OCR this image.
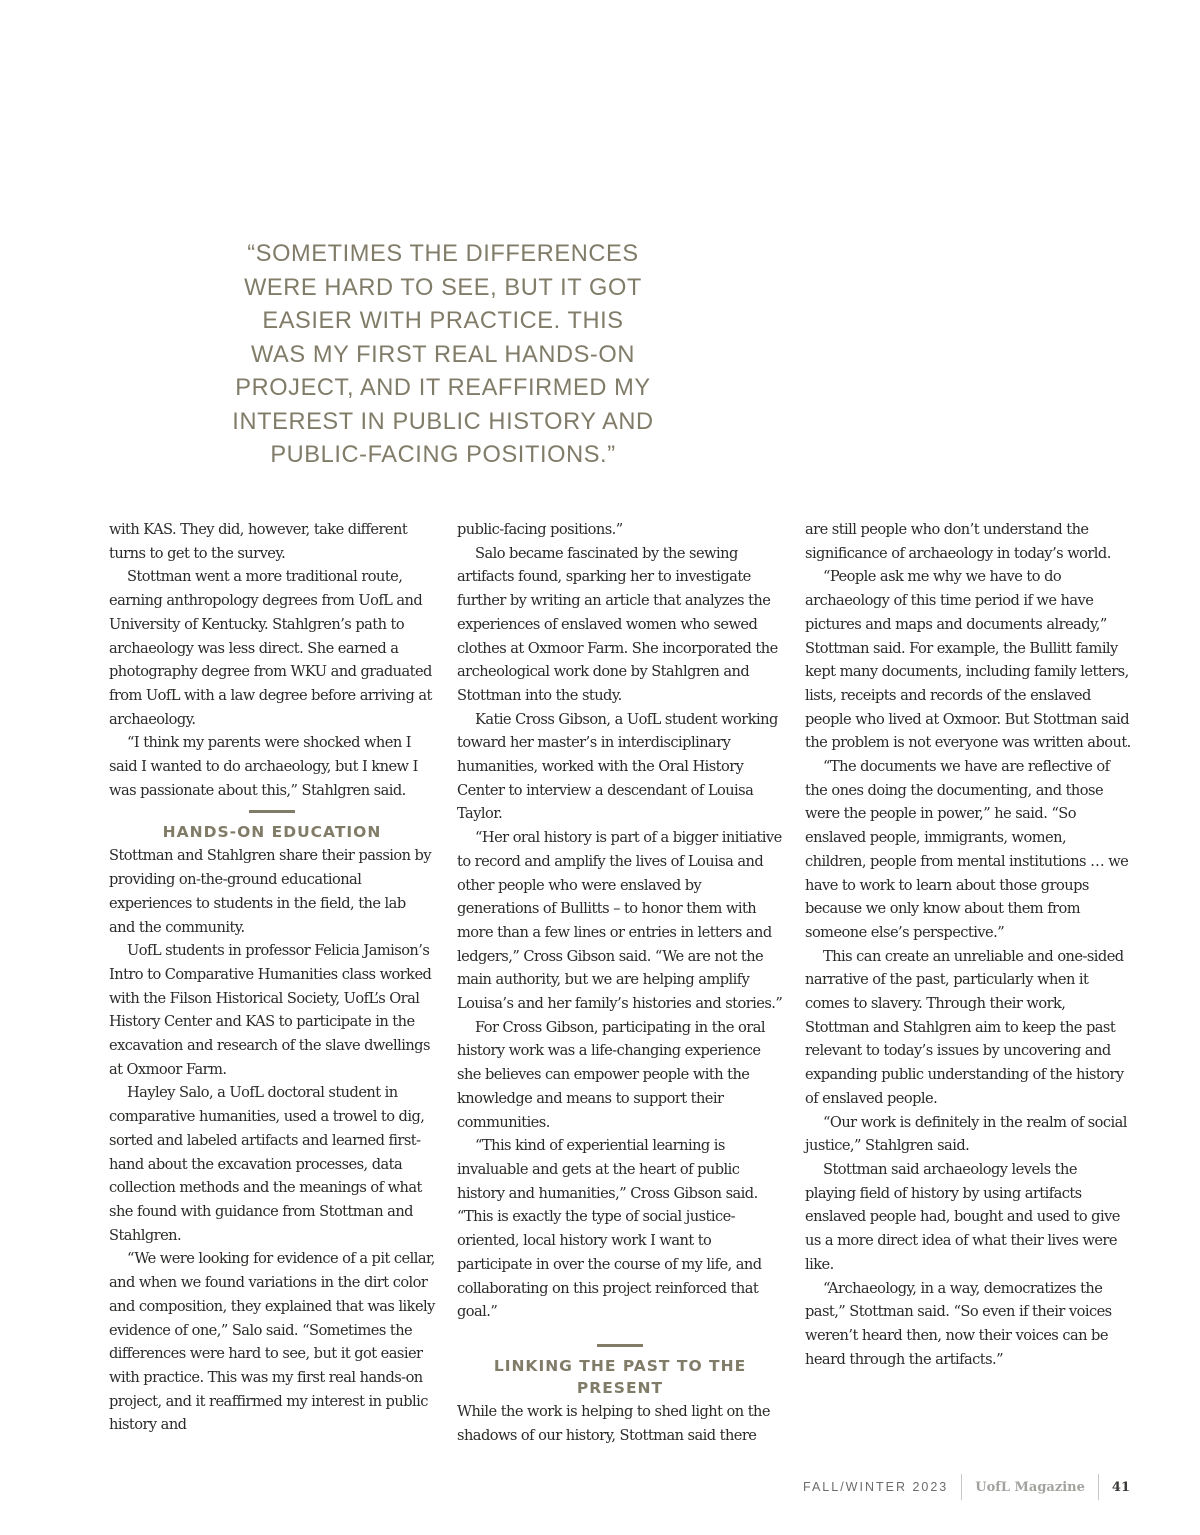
“SOMETIMES THE DIFFERENCES
WERE HARD TO SEE, BUT IT GOT
EASIER WITH PRACTICE. THIS
WAS MY FIRST REAL HANDS-ON
PROJECT, AND IT REAFFIRMED MY
INTEREST IN PUBLIC HISTORY AND
PUBLIC-FACING POSITIONS.”

with KAS. They did, however, take different turns to get to the survey.

Stottman went a more traditional route, earning anthropology degrees from UofL and University of Kentucky. Stahlgren’s path to archaeology was less direct. She earned a photography degree from WKU and graduated from UofL with a law degree before arriving at archaeology.

“I think my parents were shocked when I said I wanted to do archaeology, but I knew I was passionate about this,” Stahlgren said.

HANDS-ON EDUCATION

Stottman and Stahlgren share their passion by providing on-the-ground educational experiences to students in the field, the lab and the community.

UofL students in professor Felicia Jamison’s Intro to Comparative Humanities class worked with the Filson Historical Society, UofL’s Oral History Center and KAS to participate in the excavation and research of the slave dwellings at Oxmoor Farm.

Hayley Salo, a UofL doctoral student in comparative humanities, used a trowel to dig, sorted and labeled artifacts and learned first-hand about the excavation processes, data collection methods and the meanings of what she found with guidance from Stottman and Stahlgren.

“We were looking for evidence of a pit cellar, and when we found variations in the dirt color and composition, they explained that was likely evidence of one,” Salo said. “Sometimes the differences were hard to see, but it got easier with practice. This was my first real hands-on project, and it reaffirmed my interest in public history and

public-facing positions.”

Salo became fascinated by the sewing artifacts found, sparking her to investigate further by writing an article that analyzes the experiences of enslaved women who sewed clothes at Oxmoor Farm. She incorporated the archeological work done by Stahlgren and Stottman into the study.

Katie Cross Gibson, a UofL student working toward her master’s in interdisciplinary humanities, worked with the Oral History Center to interview a descendant of Louisa Taylor.

“Her oral history is part of a bigger initiative to record and amplify the lives of Louisa and other people who were enslaved by generations of Bullitts – to honor them with more than a few lines or entries in letters and ledgers,” Cross Gibson said. “We are not the main authority, but we are helping amplify Louisa’s and her family’s histories and stories.”

For Cross Gibson, participating in the oral history work was a life-changing experience she believes can empower people with the knowledge and means to support their communities.

“This kind of experiential learning is invaluable and gets at the heart of public history and humanities,” Cross Gibson said. “This is exactly the type of social justice-oriented, local history work I want to participate in over the course of my life, and collaborating on this project reinforced that goal.”

LINKING THE PAST TO THE PRESENT

While the work is helping to shed light on the shadows of our history, Stottman said there

are still people who don’t understand the significance of archaeology in today’s world.

“People ask me why we have to do archaeology of this time period if we have pictures and maps and documents already,” Stottman said. For example, the Bullitt family kept many documents, including family letters, lists, receipts and records of the enslaved people who lived at Oxmoor. But Stottman said the problem is not everyone was written about.

“The documents we have are reflective of the ones doing the documenting, and those were the people in power,” he said. “So enslaved people, immigrants, women, children, people from mental institutions … we have to work to learn about those groups because we only know about them from someone else’s perspective.”

This can create an unreliable and one-sided narrative of the past, particularly when it comes to slavery. Through their work, Stottman and Stahlgren aim to keep the past relevant to today’s issues by uncovering and expanding public understanding of the history of enslaved people.

“Our work is definitely in the realm of social justice,” Stahlgren said.

Stottman said archaeology levels the playing field of history by using artifacts enslaved people had, bought and used to give us a more direct idea of what their lives were like.

“Archaeology, in a way, democratizes the past,” Stottman said. “So even if their voices weren’t heard then, now their voices can be heard through the artifacts.”

FALL/WINTER 2023 UofL Magazine 41
